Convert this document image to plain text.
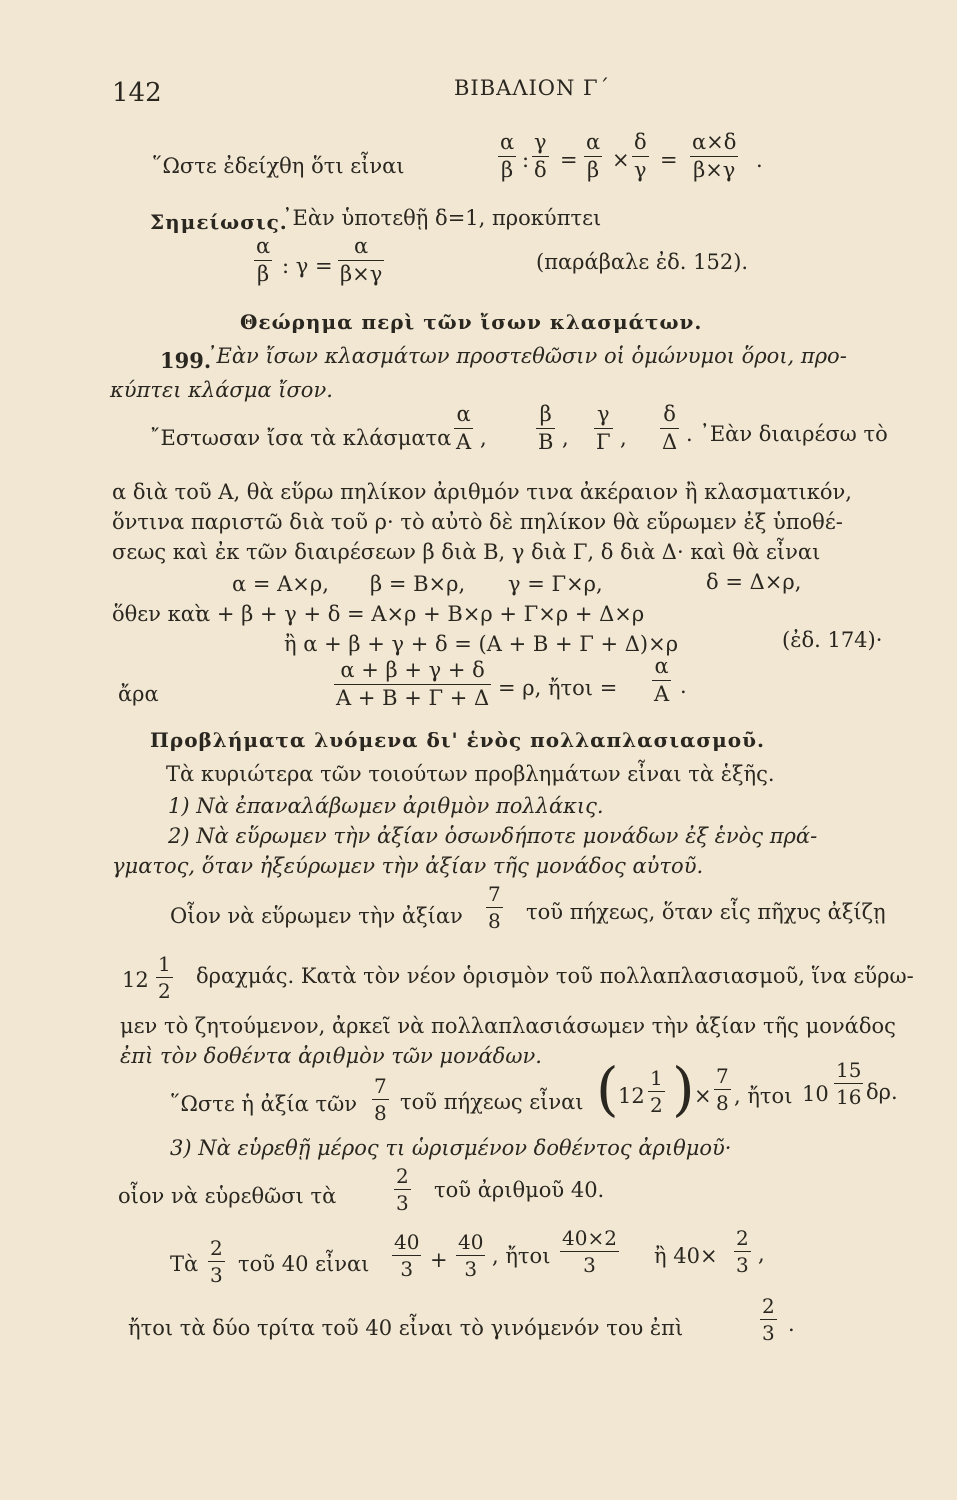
142	ΒΙΒΑΛΙΟΝ Γ΄
῞Ωστε ἐδείχθη ὅτι εἶναι	$\frac{\alpha}{\beta}$ : $\frac{\gamma}{\delta} = \frac{\alpha}{\beta} \times \frac{\delta}{\gamma} = \frac{\alpha\times\delta}{\beta\times\gamma}$ .
Σημείωσις.
᾿Εὰν ὑποτεθῇ δ=1, προκύπτει
$\frac{\alpha}{\beta}$ : $\gamma = \frac{\alpha}{\beta\times\gamma}$	(παράβαλε ἐδ. 152).
Θεώρημα περὶ τῶν ἴσων κλασμάτων.
199.
᾿Εὰν ἴσων κλασμάτων προστεθῶσιν οἱ ὁμώνυμοι ὅροι, προ-
κύπτει κλάσμα ἴσον.
῎Εστωσαν ἴσα τὰ κλάσματα $\frac{\alpha}{A}$ , $\frac{\beta}{B}$ , $\frac{\gamma}{\Gamma}$ , $\frac{\delta}{\Delta}$ . ᾿Εὰν διαιρέσω τὸ
α διὰ τοῦ Α, θὰ εὕρω πηλίκον ἀριθμόν τινα ἀκέραιον ἢ κλασματικόν,
ὅντινα παριστῶ διὰ τοῦ ρ· τὸ αὐτὸ δὲ πηλίκον θὰ εὕρωμεν ἐξ ὑποθέ-
σεως καὶ ἐκ τῶν διαιρέσεων β διὰ Β, γ διὰ Γ, δ διὰ Δ· καὶ θὰ εἶναι
α = Α×ρ, β = Β×ρ, γ = Γ×ρ,	δ = Δ×ρ,
ὅθεν καὶ
α + β + γ + δ = Α×ρ + Β×ρ + Γ×ρ + Δ×ρ
ἢ α + β + γ + δ = (Α + Β + Γ + Δ)×ρ	(ἐδ. 174)·
ἄρα	$\frac{\alpha + \beta + \gamma + \delta}{A + B + \Gamma + \Delta} = \rho$, ἤτοι = $\frac{\alpha}{A}$ .
Προβλήματα λυόμενα δι' ἑνὸς πολλαπλασιασμοῦ.
Τὰ κυριώτερα τῶν τοιούτων προβλημάτων εἶναι τὰ ἑξῆς.
1) Νὰ ἐπαναλάβωμεν ἀριθμὸν πολλάκις.
2) Νὰ εὕρωμεν τὴν ἀξίαν ὁσωνδήποτε μονάδων ἐξ ἑνὸς πρά-
γματος, ὅταν ἠξεύρωμεν τὴν ἀξίαν τῆς μονάδος αὐτοῦ.
Οἷον νὰ εὕρωμεν τὴν ἀξίαν $\frac{7}{8}$ τοῦ πήχεως, ὅταν εἷς πῆχυς ἀξίζῃ
$12 \frac{1}{2} \delta\rho\alpha\chi\mu ά\varsigma$. Κατὰ τὸν νέον ὁρισμὸν τοῦ πολλαπλασιασμοῦ, ἵνα εὕρω-
μεν τὸ ζητούμενον, ἀρκεῖ νὰ πολλαπλασιάσωμεν τὴν ἀξίαν τῆς μονάδος
ἐπὶ τὸν δοθέντα ἀριθμὸν τῶν μονάδων.
῞Ωστε ἡ ἀξία τῶν $\frac{7}{8}$ τοῦ πήχεως εἶναι ( $12 \frac{1}{2}$ ) × $\frac{7}{8}$ , ἤτοι $10 \frac{15}{16} \delta\rho$.
3) Νὰ εὑρεθῇ μέρος τι ὡρισμένον δοθέντος ἀριθμοῦ·
οἷον νὰ εὑρεθῶσι τὰ	$\frac{2}{3}$ τοῦ ἀριθμοῦ 40.
Τὰ $\frac{2}{3}$ τοῦ 40 εἶναι $\frac{40}{3} + \frac{40}{3}$ , ἤτοι $\frac{40\times 2}{3}$ ἢ $40\times \frac{2}{3}$ ,
ἤτοι τὰ δύο τρίτα τοῦ 40 εἶναι τὸ γινόμενόν του ἐπὶ	$\frac{2}{3}$ .
